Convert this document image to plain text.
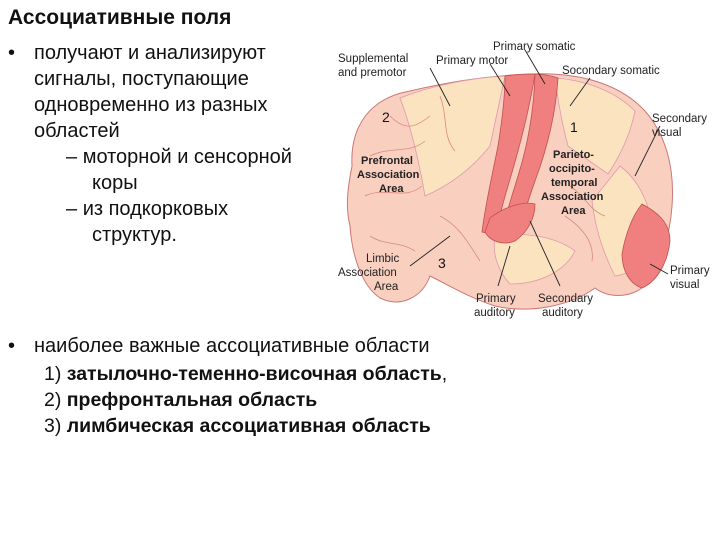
Ассоциативные поля
• получают и анализируют
сигналы, поступающие
одновременно из разных
областей
– моторной и сенсорной
коры
– из подкорковых
структур.
Supplemental
and premotor
Primary motor
Primary somatic
Socondary somatic
Secondary
visual
Prefrontal
Association
Area
Parieto-
occipito-
temporal
Association
Area
Limbic
Association
Area
Primary
visual
Primary
auditory
Secondary
auditory
2
1
3
• наиболее важные ассоциативные области
1) затылочно-теменно-височная область,
2) префронтальная область
3) лимбическая ассоциативная область
